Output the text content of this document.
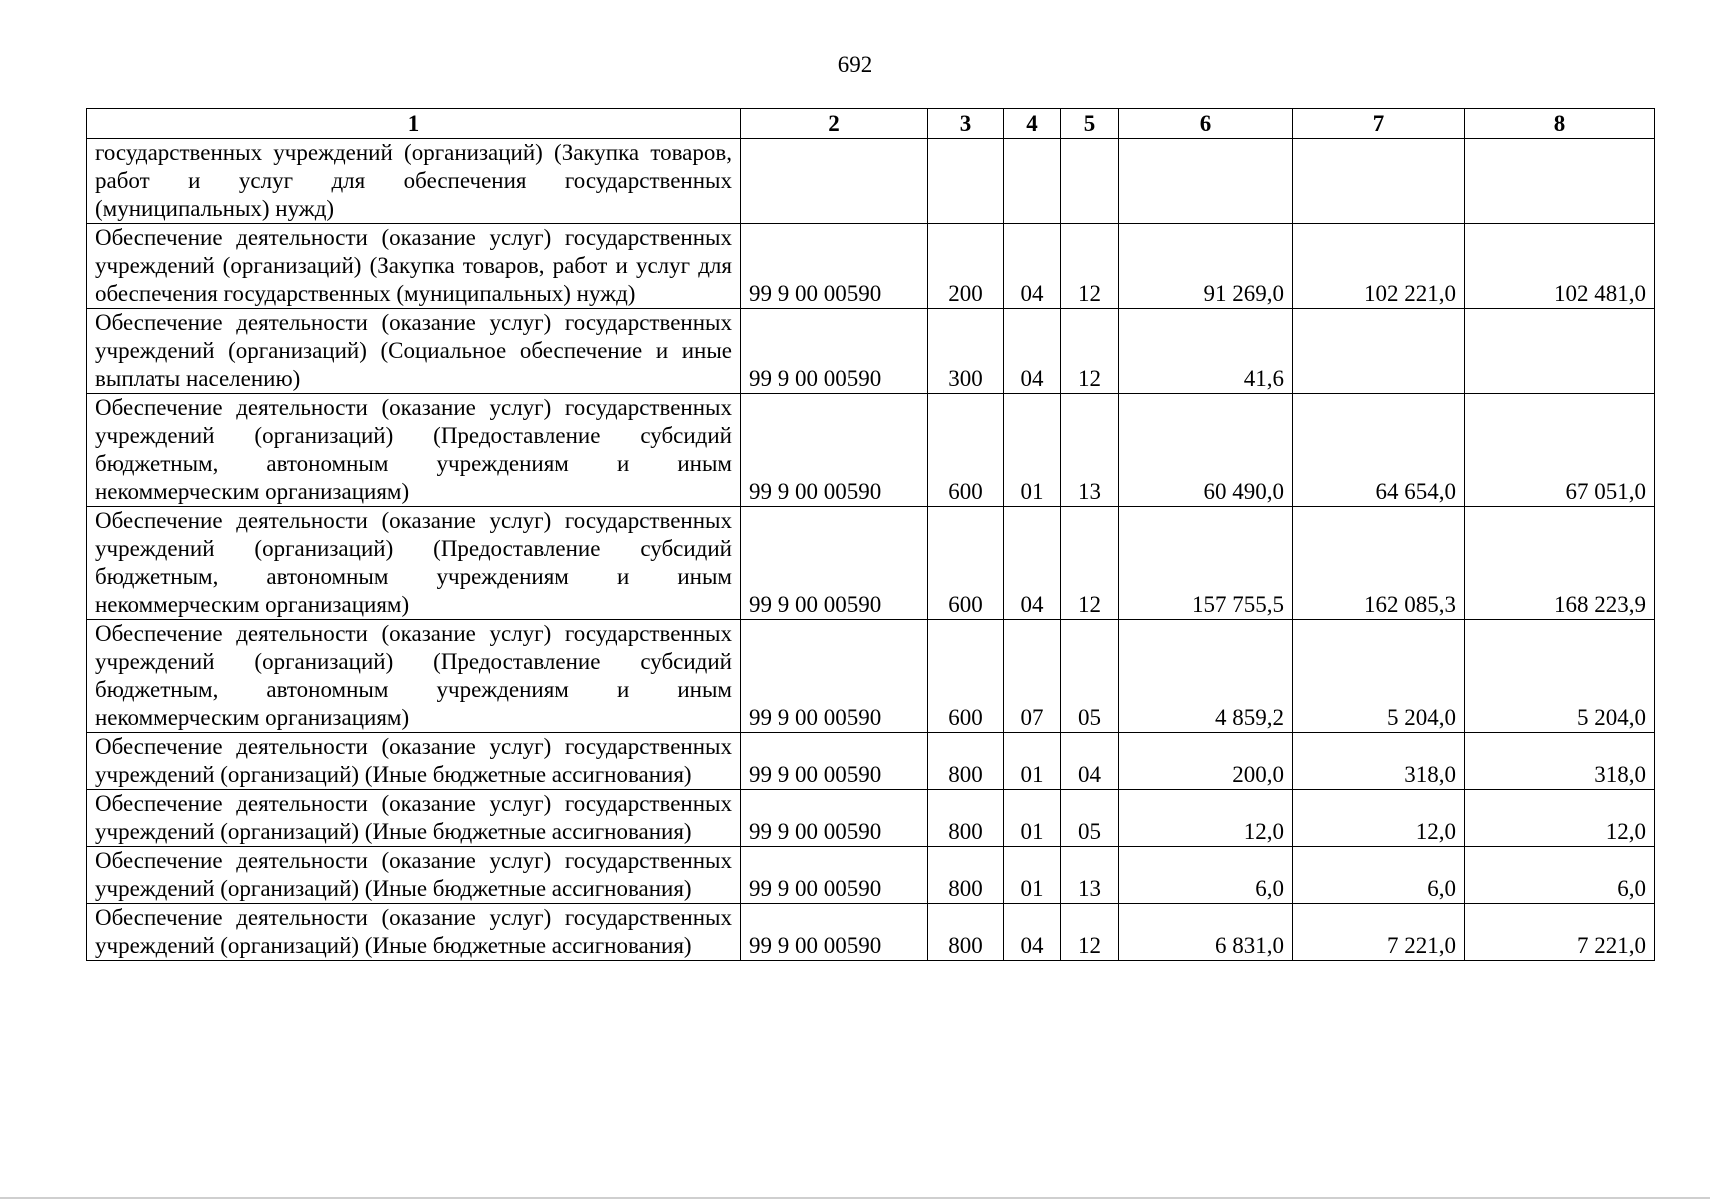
692
1	2	3	4	5	6	7	8
государственных учреждений (организаций) (Закупка товаров, работ и услуг для обеспечения государственных (муниципальных) нужд)							
Обеспечение деятельности (оказание услуг) государственных учреждений (организаций) (Закупка товаров, работ и услуг для обеспечения государственных (муниципальных) нужд)	99 9 00 00590	200	04	12	91 269,0	102 221,0	102 481,0
Обеспечение деятельности (оказание услуг) государственных учреждений (организаций) (Социальное обеспечение и иные выплаты населению)	99 9 00 00590	300	04	12	41,6		
Обеспечение деятельности (оказание услуг) государственных учреждений (организаций) (Предоставление субсидий бюджетным, автономным учреждениям и иным некоммерческим организациям)	99 9 00 00590	600	01	13	60 490,0	64 654,0	67 051,0
Обеспечение деятельности (оказание услуг) государственных учреждений (организаций) (Предоставление субсидий бюджетным, автономным учреждениям и иным некоммерческим организациям)	99 9 00 00590	600	04	12	157 755,5	162 085,3	168 223,9
Обеспечение деятельности (оказание услуг) государственных учреждений (организаций) (Предоставление субсидий бюджетным, автономным учреждениям и иным некоммерческим организациям)	99 9 00 00590	600	07	05	4 859,2	5 204,0	5 204,0
Обеспечение деятельности (оказание услуг) государственных учреждений (организаций) (Иные бюджетные ассигнования)	99 9 00 00590	800	01	04	200,0	318,0	318,0
Обеспечение деятельности (оказание услуг) государственных учреждений (организаций) (Иные бюджетные ассигнования)	99 9 00 00590	800	01	05	12,0	12,0	12,0
Обеспечение деятельности (оказание услуг) государственных учреждений (организаций) (Иные бюджетные ассигнования)	99 9 00 00590	800	01	13	6,0	6,0	6,0
Обеспечение деятельности (оказание услуг) государственных учреждений (организаций) (Иные бюджетные ассигнования)	99 9 00 00590	800	04	12	6 831,0	7 221,0	7 221,0
